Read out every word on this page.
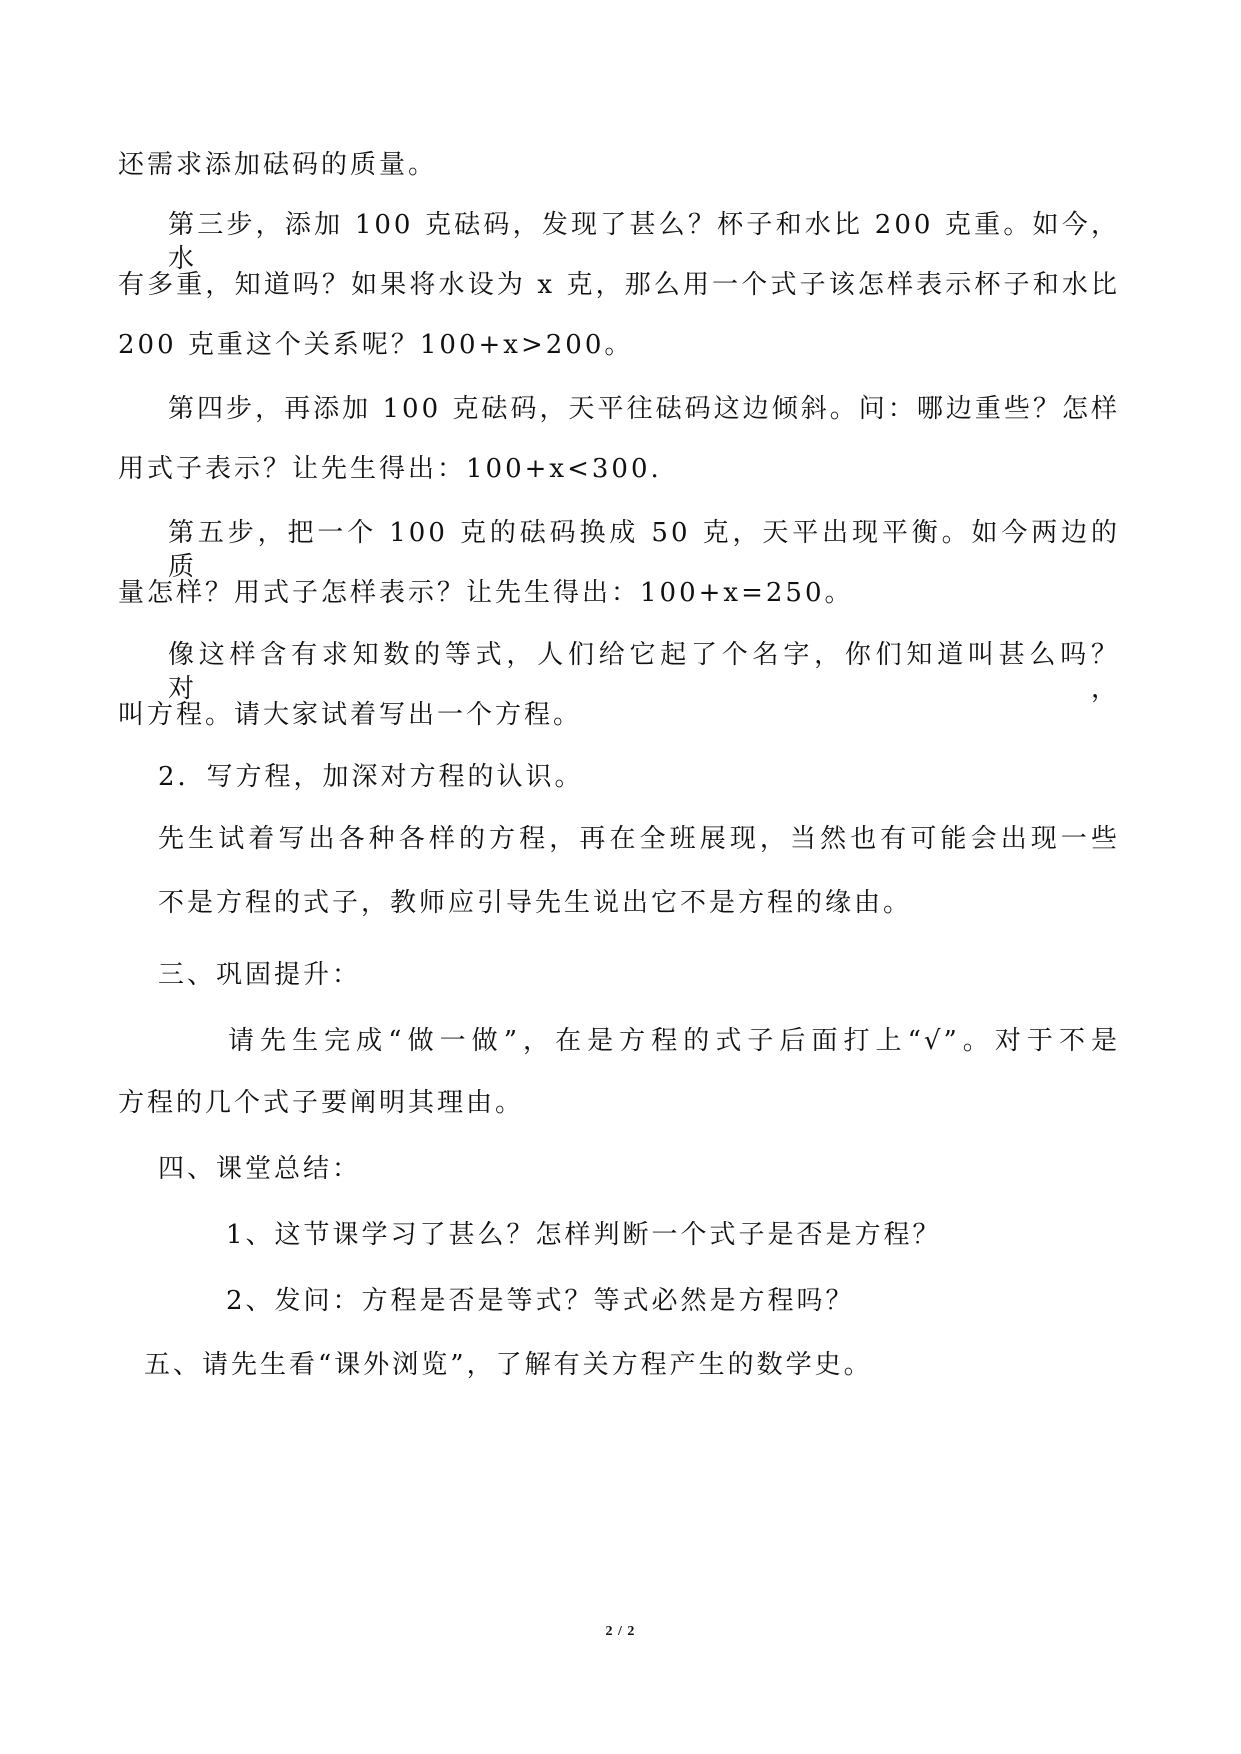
还需求添加砝码的质量。
第三步，添加 100 克砝码，发现了甚么？杯子和水比 200 克重。如今，水
有多重，知道吗？如果将水设为 x 克，那么用一个式子该怎样表示杯子和水比
200 克重这个关系呢？100+x>200。
第四步，再添加 100 克砝码，天平往砝码这边倾斜。问：哪边重些？怎样
用式子表示？让先生得出：100+x<300.
第五步，把一个 100 克的砝码换成 50 克，天平出现平衡。如今两边的质
量怎样？用式子怎样表示？让先生得出：100+x=250。
像这样含有求知数的等式，人们给它起了个名字，你们知道叫甚么吗？对，
叫方程。请大家试着写出一个方程。
2．写方程，加深对方程的认识。
先生试着写出各种各样的方程，再在全班展现，当然也有可能会出现一些
不是方程的式子，教师应引导先生说出它不是方程的缘由。
三、巩固提升：
请先生完成“做一做”，在是方程的式子后面打上“√”。对于不是
方程的几个式子要阐明其理由。
四、课堂总结：
1、这节课学习了甚么？怎样判断一个式子是否是方程？
2、发问：方程是否是等式？等式必然是方程吗？
五、请先生看“课外浏览”，了解有关方程产生的数学史。
2 / 2
